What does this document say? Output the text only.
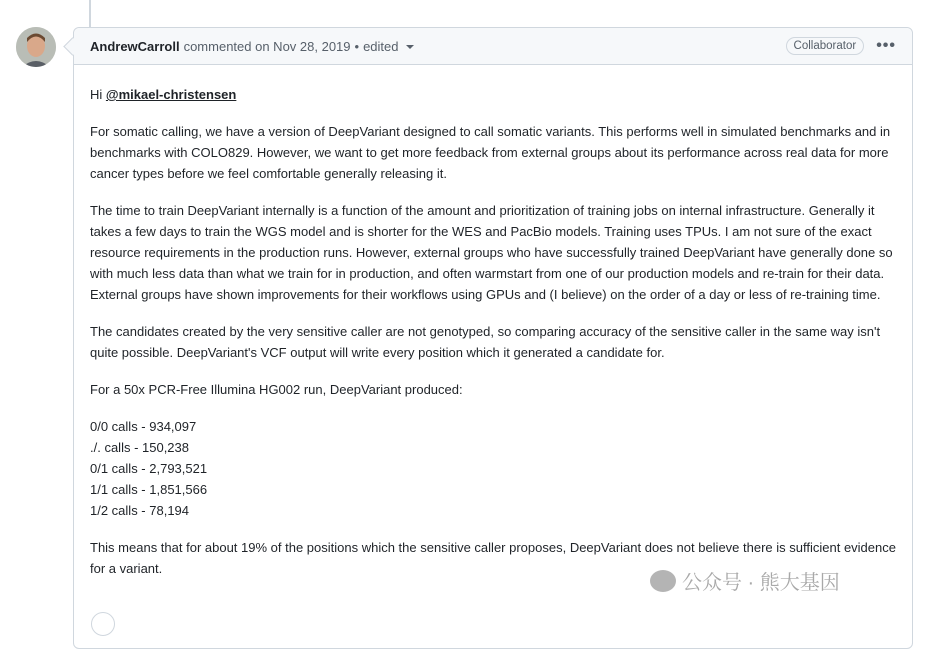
AndrewCarroll commented on Nov 28, 2019 • edited	Collaborator	•••

Hi @mikael-christensen

For somatic calling, we have a version of DeepVariant designed to call somatic variants. This performs well in simulated benchmarks and in benchmarks with COLO829. However, we want to get more feedback from external groups about its performance across real data for more cancer types before we feel comfortable generally releasing it.

The time to train DeepVariant internally is a function of the amount and prioritization of training jobs on internal infrastructure. Generally it takes a few days to train the WGS model and is shorter for the WES and PacBio models. Training uses TPUs. I am not sure of the exact resource requirements in the production runs. However, external groups who have successfully trained DeepVariant have generally done so with much less data than what we train for in production, and often warmstart from one of our production models and re-train for their data. External groups have shown improvements for their workflows using GPUs and (I believe) on the order of a day or less of re-training time.

The candidates created by the very sensitive caller are not genotyped, so comparing accuracy of the sensitive caller in the same way isn't quite possible. DeepVariant's VCF output will write every position which it generated a candidate for.

For a 50x PCR-Free Illumina HG002 run, DeepVariant produced:

0/0 calls - 934,097
./. calls - 150,238
0/1 calls - 2,793,521
1/1 calls - 1,851,566
1/2 calls - 78,194

This means that for about 19% of the positions which the sensitive caller proposes, DeepVariant does not believe there is sufficient evidence for a variant.

公众号 · 熊大基因
